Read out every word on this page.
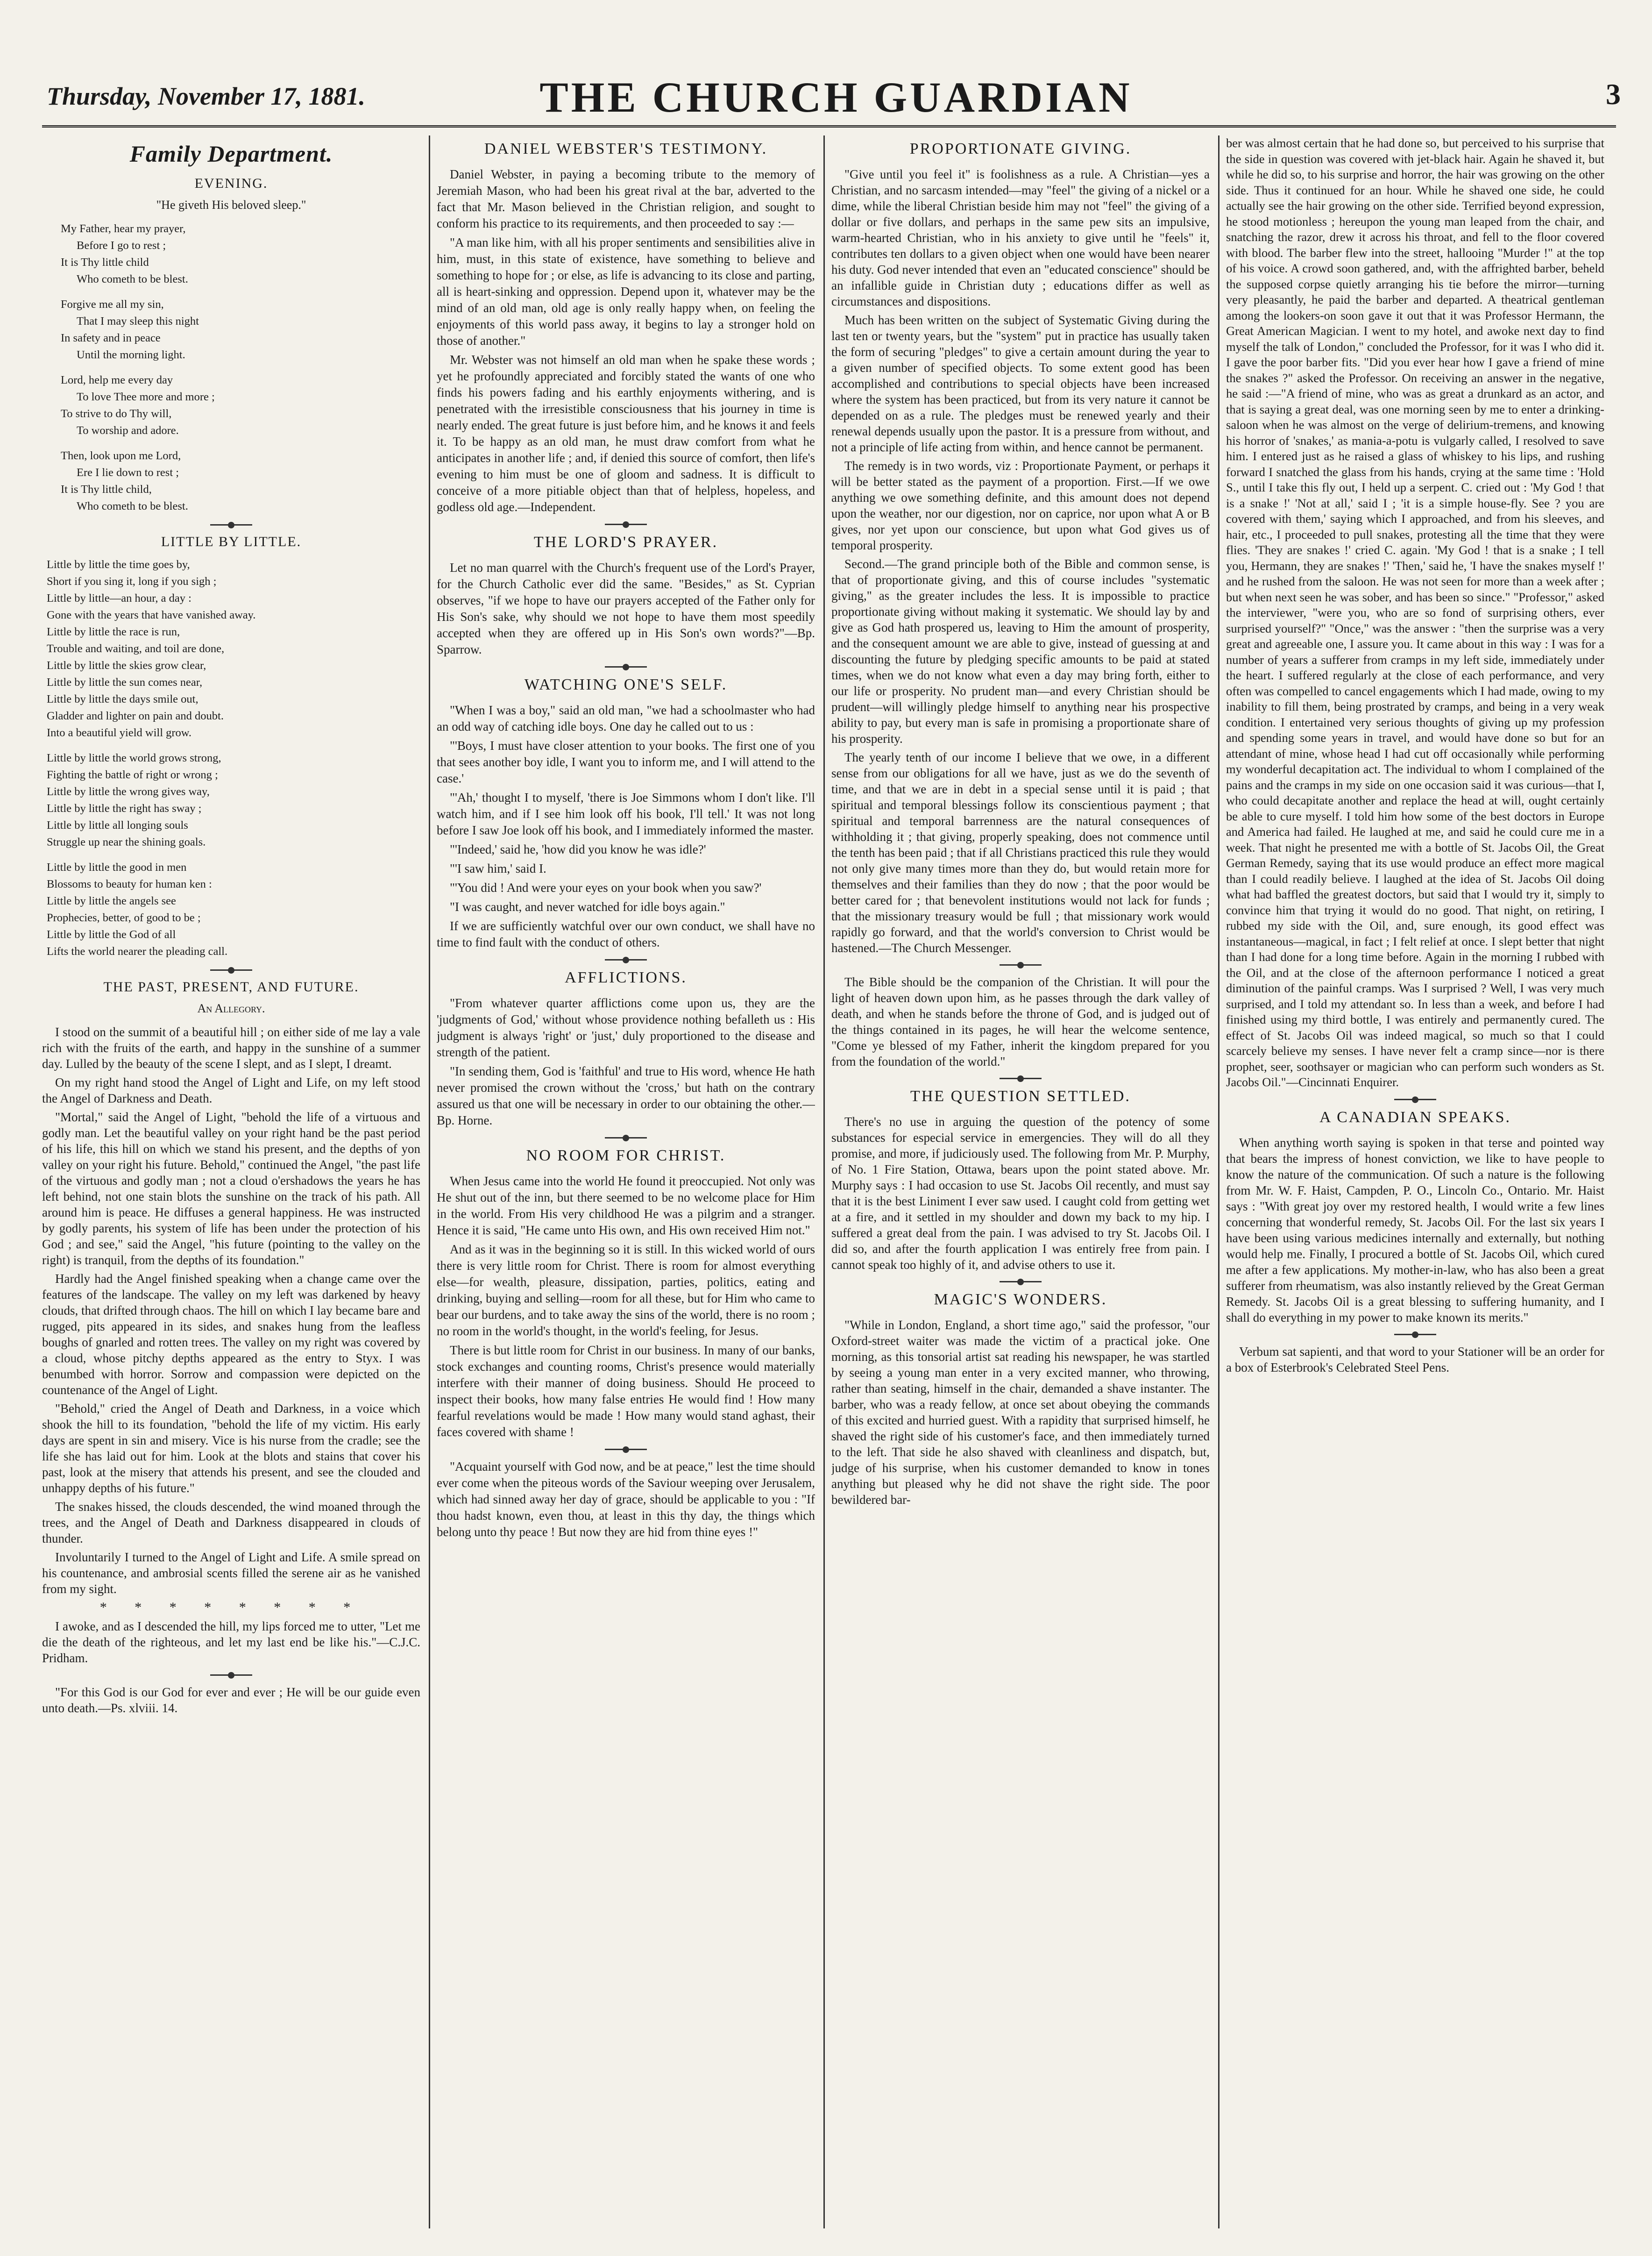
Thursday, November 17, 1881.	THE CHURCH GUARDIAN	3
Family Department.
EVENING.
"He giveth His beloved sleep."
My Father, hear my prayer,
Before I go to rest ;
It is Thy little child
Who cometh to be blest.
Forgive me all my sin,
That I may sleep this night
In safety and in peace
Until the morning light.
Lord, help me every day
To love Thee more and more ;
To strive to do Thy will,
To worship and adore.
Then, look upon me Lord,
Ere I lie down to rest ;
It is Thy little child,
Who cometh to be blest.
LITTLE BY LITTLE.
Little by little the time goes by,
Short if you sing it, long if you sigh ;
Little by little—an hour, a day :
Gone with the years that have vanished away.
Little by little the race is run,
Trouble and waiting, and toil are done,
Little by little the skies grow clear,
Little by little the sun comes near,
Little by little the days smile out,
Gladder and lighter on pain and doubt.
Into a beautiful yield will grow.
Little by little the world grows strong,
Fighting the battle of right or wrong ;
Little by little the wrong gives way,
Little by little the right has sway ;
Little by little all longing souls
Struggle up near the shining goals.
Little by little the good in men
Blossoms to beauty for human ken :
Little by little the angels see
Prophecies, better, of good to be ;
Little by little the God of all
Lifts the world nearer the pleading call.
THE PAST, PRESENT, AND FUTURE.
An Allegory.

I stood on the summit of a beautiful hill ; on either side of me lay a vale rich with the fruits of the earth, and happy in the sunshine of a summer day. Lulled by the beauty of the scene I slept, and as I slept, I dreamt.

On my right hand stood the Angel of Light and Life, on my left stood the Angel of Darkness and Death.

"Mortal," said the Angel of Light, "behold the life of a virtuous and godly man. Let the beautiful valley on your right hand be the past period of his life, this hill on which we stand his present, and the depths of yon valley on your right his future. Behold," continued the Angel, "the past life of the virtuous and godly man ; not a cloud o'ershadows the years he has left behind, not one stain blots the sunshine on the track of his path. All around him is peace. He diffuses a general happiness. He was instructed by godly parents, his system of life has been under the protection of his God ; and see," said the Angel, "his future (pointing to the valley on the right) is tranquil, from the depths of its foundation."

Hardly had the Angel finished speaking when a change came over the features of the landscape. The valley on my left was darkened by heavy clouds, that drifted through chaos. The hill on which I lay became bare and rugged, pits appeared in its sides, and snakes hung from the leafless boughs of gnarled and rotten trees. The valley on my right was covered by a cloud, whose pitchy depths appeared as the entry to Styx. I was benumbed with horror. Sorrow and compassion were depicted on the countenance of the Angel of Light.

"Behold," cried the Angel of Death and Darkness, in a voice which shook the hill to its foundation, "behold the life of my victim. His early days are spent in sin and misery. Vice is his nurse from the cradle; see the life she has laid out for him. Look at the blots and stains that cover his past, look at the misery that attends his present, and see the clouded and unhappy depths of his future."

The snakes hissed, the clouds descended, the wind moaned through the trees, and the Angel of Death and Darkness disappeared in clouds of thunder.

Involuntarily I turned to the Angel of Light and Life. A smile spread on his countenance, and ambrosial scents filled the serene air as he vanished from my sight.

* * * * * * * *

I awoke, and as I descended the hill, my lips forced me to utter, "Let me die the death of the righteous, and let my last end be like his."—C.J.C. Pridham.

"For this God is our God for ever and ever ; He will be our guide even unto death.—Ps. xlviii. 14.

DANIEL WEBSTER'S TESTIMONY.

Daniel Webster, in paying a becoming tribute to the memory of Jeremiah Mason, who had been his great rival at the bar, adverted to the fact that Mr. Mason believed in the Christian religion, and sought to conform his practice to its requirements, and then proceeded to say :—

"A man like him, with all his proper sentiments and sensibilities alive in him, must, in this state of existence, have something to believe and something to hope for ; or else, as life is advancing to its close and parting, all is heart-sinking and oppression. Depend upon it, whatever may be the mind of an old man, old age is only really happy when, on feeling the enjoyments of this world pass away, it begins to lay a stronger hold on those of another."

Mr. Webster was not himself an old man when he spake these words ; yet he profoundly appreciated and forcibly stated the wants of one who finds his powers fading and his earthly enjoyments withering, and is penetrated with the irresistible consciousness that his journey in time is nearly ended. The great future is just before him, and he knows it and feels it. To be happy as an old man, he must draw comfort from what he anticipates in another life ; and, if denied this source of comfort, then life's evening to him must be one of gloom and sadness. It is difficult to conceive of a more pitiable object than that of helpless, hopeless, and godless old age.—Independent.

THE LORD'S PRAYER.

Let no man quarrel with the Church's frequent use of the Lord's Prayer, for the Church Catholic ever did the same. "Besides," as St. Cyprian observes, "if we hope to have our prayers accepted of the Father only for His Son's sake, why should we not hope to have them most speedily accepted when they are offered up in His Son's own words?"—Bp. Sparrow.

WATCHING ONE'S SELF.

"When I was a boy," said an old man, "we had a schoolmaster who had an odd way of catching idle boys. One day he called out to us :

"'Boys, I must have closer attention to your books. The first one of you that sees another boy idle, I want you to inform me, and I will attend to the case.'

"'Ah,' thought I to myself, 'there is Joe Simmons whom I don't like. I'll watch him, and if I see him look off his book, I'll tell.' It was not long before I saw Joe look off his book, and I immediately informed the master.

"'Indeed,' said he, 'how did you know he was idle?'

"'I saw him,' said I.

"'You did ! And were your eyes on your book when you saw?'

"I was caught, and never watched for idle boys again."

If we are sufficiently watchful over our own conduct, we shall have no time to find fault with the conduct of others.

AFFLICTIONS.

"From whatever quarter afflictions come upon us, they are the 'judgments of God,' without whose providence nothing befalleth us : His judgment is always 'right' or 'just,' duly proportioned to the disease and strength of the patient.

"In sending them, God is 'faithful' and true to His word, whence He hath never promised the crown without the 'cross,' but hath on the contrary assured us that one will be necessary in order to our obtaining the other.—Bp. Horne.

NO ROOM FOR CHRIST.

When Jesus came into the world He found it preoccupied. Not only was He shut out of the inn, but there seemed to be no welcome place for Him in the world. From His very childhood He was a pilgrim and a stranger. Hence it is said, "He came unto His own, and His own received Him not."

And as it was in the beginning so it is still. In this wicked world of ours there is very little room for Christ. There is room for almost everything else—for wealth, pleasure, dissipation, parties, politics, eating and drinking, buying and selling—room for all these, but for Him who came to bear our burdens, and to take away the sins of the world, there is no room ; no room in the world's thought, in the world's feeling, for Jesus.

There is but little room for Christ in our business. In many of our banks, stock exchanges and counting rooms, Christ's presence would materially interfere with their manner of doing business. Should He proceed to inspect their books, how many false entries He would find ! How many fearful revelations would be made ! How many would stand aghast, their faces covered with shame !

"Acquaint yourself with God now, and be at peace," lest the time should ever come when the piteous words of the Saviour weeping over Jerusalem, which had sinned away her day of grace, should be applicable to you : "If thou hadst known, even thou, at least in this thy day, the things which belong unto thy peace ! But now they are hid from thine eyes !"

PROPORTIONATE GIVING.

"Give until you feel it" is foolishness as a rule. A Christian—yes a Christian, and no sarcasm intended—may "feel" the giving of a nickel or a dime, while the liberal Christian beside him may not "feel" the giving of a dollar or five dollars, and perhaps in the same pew sits an impulsive, warm-hearted Christian, who in his anxiety to give until he "feels" it, contributes ten dollars to a given object when one would have been nearer his duty. God never intended that even an "educated conscience" should be an infallible guide in Christian duty ; educations differ as well as circumstances and dispositions.

Much has been written on the subject of Systematic Giving during the last ten or twenty years, but the "system" put in practice has usually taken the form of securing "pledges" to give a certain amount during the year to a given number of specified objects. To some extent good has been accomplished and contributions to special objects have been increased where the system has been practiced, but from its very nature it cannot be depended on as a rule. The pledges must be renewed yearly and their renewal depends usually upon the pastor. It is a pressure from without, and not a principle of life acting from within, and hence cannot be permanent.

The remedy is in two words, viz : Proportionate Payment, or perhaps it will be better stated as the payment of a proportion. First.—If we owe anything we owe something definite, and this amount does not depend upon the weather, nor our digestion, nor on caprice, nor upon what A or B gives, nor yet upon our conscience, but upon what God gives us of temporal prosperity.

Second.—The grand principle both of the Bible and common sense, is that of proportionate giving, and this of course includes "systematic giving," as the greater includes the less. It is impossible to practice proportionate giving without making it systematic. We should lay by and give as God hath prospered us, leaving to Him the amount of prosperity, and the consequent amount we are able to give, instead of guessing at and discounting the future by pledging specific amounts to be paid at stated times, when we do not know what even a day may bring forth, either to our life or prosperity. No prudent man—and every Christian should be prudent—will willingly pledge himself to anything near his prospective ability to pay, but every man is safe in promising a proportionate share of his prosperity.

The yearly tenth of our income I believe that we owe, in a different sense from our obligations for all we have, just as we do the seventh of time, and that we are in debt in a special sense until it is paid ; that spiritual and temporal blessings follow its conscientious payment ; that spiritual and temporal barrenness are the natural consequences of withholding it ; that giving, properly speaking, does not commence until the tenth has been paid ; that if all Christians practiced this rule they would not only give many times more than they do, but would retain more for themselves and their families than they do now ; that the poor would be better cared for ; that benevolent institutions would not lack for funds ; that the missionary treasury would be full ; that missionary work would rapidly go forward, and that the world's conversion to Christ would be hastened.—The Church Messenger.

The Bible should be the companion of the Christian. It will pour the light of heaven down upon him, as he passes through the dark valley of death, and when he stands before the throne of God, and is judged out of the things contained in its pages, he will hear the welcome sentence, "Come ye blessed of my Father, inherit the kingdom prepared for you from the foundation of the world."

THE QUESTION SETTLED.

There's no use in arguing the question of the potency of some substances for especial service in emergencies. They will do all they promise, and more, if judiciously used. The following from Mr. P. Murphy, of No. 1 Fire Station, Ottawa, bears upon the point stated above. Mr. Murphy says : I had occasion to use St. Jacobs Oil recently, and must say that it is the best Liniment I ever saw used. I caught cold from getting wet at a fire, and it settled in my shoulder and down my back to my hip. I suffered a great deal from the pain. I was advised to try St. Jacobs Oil. I did so, and after the fourth application I was entirely free from pain. I cannot speak too highly of it, and advise others to use it.

MAGIC'S WONDERS.

"While in London, England, a short time ago," said the professor, "our Oxford-street waiter was made the victim of a practical joke. One morning, as this tonsorial artist sat reading his newspaper, he was startled by seeing a young man enter in a very excited manner, who throwing, rather than seating, himself in the chair, demanded a shave instanter. The barber, who was a ready fellow, at once set about obeying the commands of this excited and hurried guest. With a rapidity that surprised himself, he shaved the right side of his customer's face, and then immediately turned to the left. That side he also shaved with cleanliness and dispatch, but, judge of his surprise, when his customer demanded to know in tones anything but pleased why he did not shave the right side. The poor bewildered bar-

ber was almost certain that he had done so, but perceived to his surprise that the side in question was covered with jet-black hair. Again he shaved it, but while he did so, to his surprise and horror, the hair was growing on the other side. Thus it continued for an hour. While he shaved one side, he could actually see the hair growing on the other side. Terrified beyond expression, he stood motionless ; hereupon the young man leaped from the chair, and snatching the razor, drew it across his throat, and fell to the floor covered with blood. The barber flew into the street, hallooing "Murder !" at the top of his voice. A crowd soon gathered, and, with the affrighted barber, beheld the supposed corpse quietly arranging his tie before the mirror—turning very pleasantly, he paid the barber and departed. A theatrical gentleman among the lookers-on soon gave it out that it was Professor Hermann, the Great American Magician. I went to my hotel, and awoke next day to find myself the talk of London," concluded the Professor, for it was I who did it. I gave the poor barber fits. "Did you ever hear how I gave a friend of mine the snakes ?" asked the Professor. On receiving an answer in the negative, he said :—"A friend of mine, who was as great a drunkard as an actor, and that is saying a great deal, was one morning seen by me to enter a drinking-saloon when he was almost on the verge of delirium-tremens, and knowing his horror of 'snakes,' as mania-a-potu is vulgarly called, I resolved to save him. I entered just as he raised a glass of whiskey to his lips, and rushing forward I snatched the glass from his hands, crying at the same time : 'Hold S., until I take this fly out, I held up a serpent. C. cried out : 'My God ! that is a snake !' 'Not at all,' said I ; 'it is a simple house-fly. See ? you are covered with them,' saying which I approached, and from his sleeves, and hair, etc., I proceeded to pull snakes, protesting all the time that they were flies. 'They are snakes !' cried C. again. 'My God ! that is a snake ; I tell you, Hermann, they are snakes !' 'Then,' said he, 'I have the snakes myself !' and he rushed from the saloon. He was not seen for more than a week after ; but when next seen he was sober, and has been so since." "Professor," asked the interviewer, "were you, who are so fond of surprising others, ever surprised yourself?" "Once," was the answer : "then the surprise was a very great and agreeable one, I assure you. It came about in this way : I was for a number of years a sufferer from cramps in my left side, immediately under the heart. I suffered regularly at the close of each performance, and very often was compelled to cancel engagements which I had made, owing to my inability to fill them, being prostrated by cramps, and being in a very weak condition. I entertained very serious thoughts of giving up my profession and spending some years in travel, and would have done so but for an attendant of mine, whose head I had cut off occasionally while performing my wonderful decapitation act. The individual to whom I complained of the pains and the cramps in my side on one occasion said it was curious—that I, who could decapitate another and replace the head at will, ought certainly be able to cure myself. I told him how some of the best doctors in Europe and America had failed. He laughed at me, and said he could cure me in a week. That night he presented me with a bottle of St. Jacobs Oil, the Great German Remedy, saying that its use would produce an effect more magical than I could readily believe. I laughed at the idea of St. Jacobs Oil doing what had baffled the greatest doctors, but said that I would try it, simply to convince him that trying it would do no good. That night, on retiring, I rubbed my side with the Oil, and, sure enough, its good effect was instantaneous—magical, in fact ; I felt relief at once. I slept better that night than I had done for a long time before. Again in the morning I rubbed with the Oil, and at the close of the afternoon performance I noticed a great diminution of the painful cramps. Was I surprised ? Well, I was very much surprised, and I told my attendant so. In less than a week, and before I had finished using my third bottle, I was entirely and permanently cured. The effect of St. Jacobs Oil was indeed magical, so much so that I could scarcely believe my senses. I have never felt a cramp since—nor is there prophet, seer, soothsayer or magician who can perform such wonders as St. Jacobs Oil."—Cincinnati Enquirer.

A CANADIAN SPEAKS.

When anything worth saying is spoken in that terse and pointed way that bears the impress of honest conviction, we like to have people to know the nature of the communication. Of such a nature is the following from Mr. W. F. Haist, Campden, P. O., Lincoln Co., Ontario. Mr. Haist says : "With great joy over my restored health, I would write a few lines concerning that wonderful remedy, St. Jacobs Oil. For the last six years I have been using various medicines internally and externally, but nothing would help me. Finally, I procured a bottle of St. Jacobs Oil, which cured me after a few applications. My mother-in-law, who has also been a great sufferer from rheumatism, was also instantly relieved by the Great German Remedy. St. Jacobs Oil is a great blessing to suffering humanity, and I shall do everything in my power to make known its merits."

Verbum sat sapienti, and that word to your Stationer will be an order for a box of Esterbrook's Celebrated Steel Pens.
